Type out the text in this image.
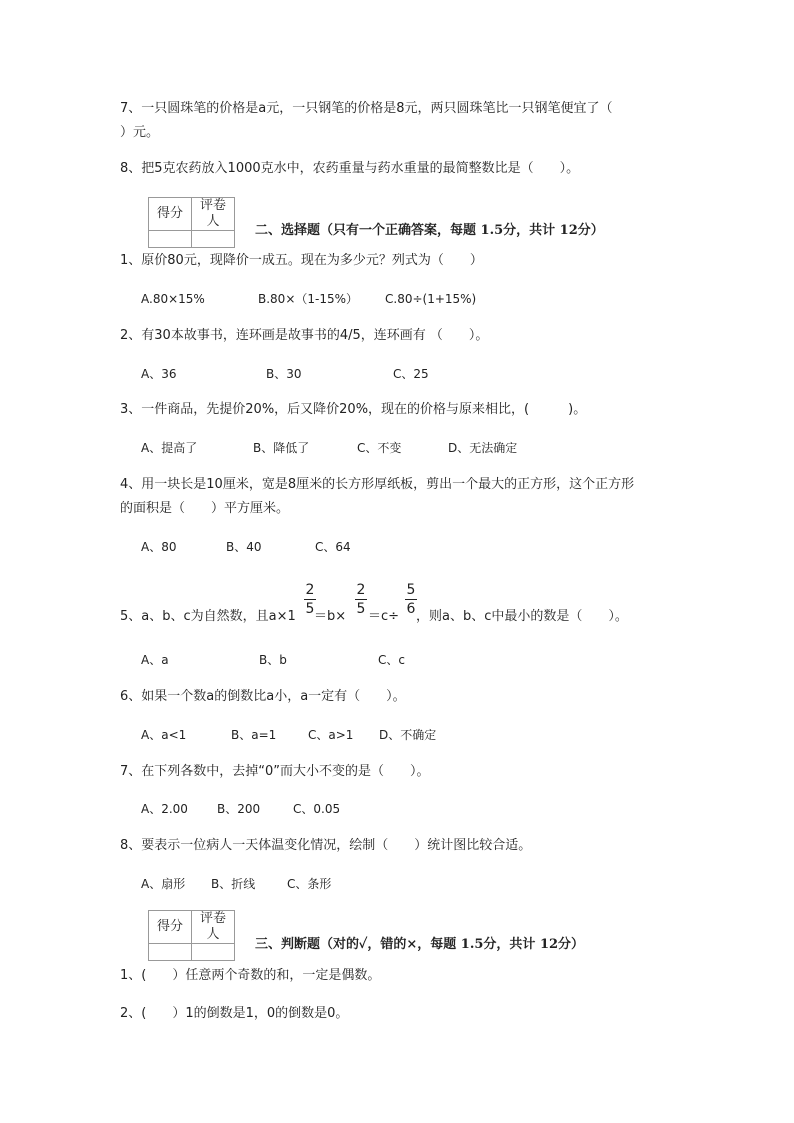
7、一只圆珠笔的价格是a元，一只钢笔的价格是8元，两只圆珠笔比一只钢笔便宜了（
）元。
8、把5克农药放入1000克水中，农药重量与药水重量的最简整数比是（　　）。
得分	评卷人

二、选择题（只有一个正确答案，每题 1.5分，共计 12分）
1、原价80元，现降价一成五。现在为多少元？列式为（　　）
A.80×15%	B.80×（1-15%） C.80÷(1+15%)
2、有30本故事书，连环画是故事书的4/5，连环画有 （　　）。
A、36	B、30	C、25
3、一件商品，先提价20%，后又降价20%，现在的价格与原来相比，(　　　)。
A、提高了	B、降低了	C、不变	D、无法确定
4、用一块长是10厘米，宽是8厘米的长方形厚纸板，剪出一个最大的正方形，这个正方形
的面积是（　　）平方厘米。
A、80	B、40	C、64
5、a、b、c为自然数，且a×1 ＝b× ＝c÷ ，则a、b、c中最小的数是（　　）。
2
5
2
5
5
6
A、a	B、b	C、c
6、如果一个数a的倒数比a小，a一定有（　　）。
A、a<1	B、a=1	C、a>1 D、不确定
7、在下列各数中，去掉“0”而大小不变的是（　　）。
A、2.00 B、200	C、0.05
8、要表示一位病人一天体温变化情况，绘制（　　）统计图比较合适。
A、扇形 B、折线	C、条形
得分	评卷人

三、判断题（对的✓，错的×，每题 1.5分，共计 12分）
1、(　　）任意两个奇数的和，一定是偶数。
2、(　　）1的倒数是1，0的倒数是0。
